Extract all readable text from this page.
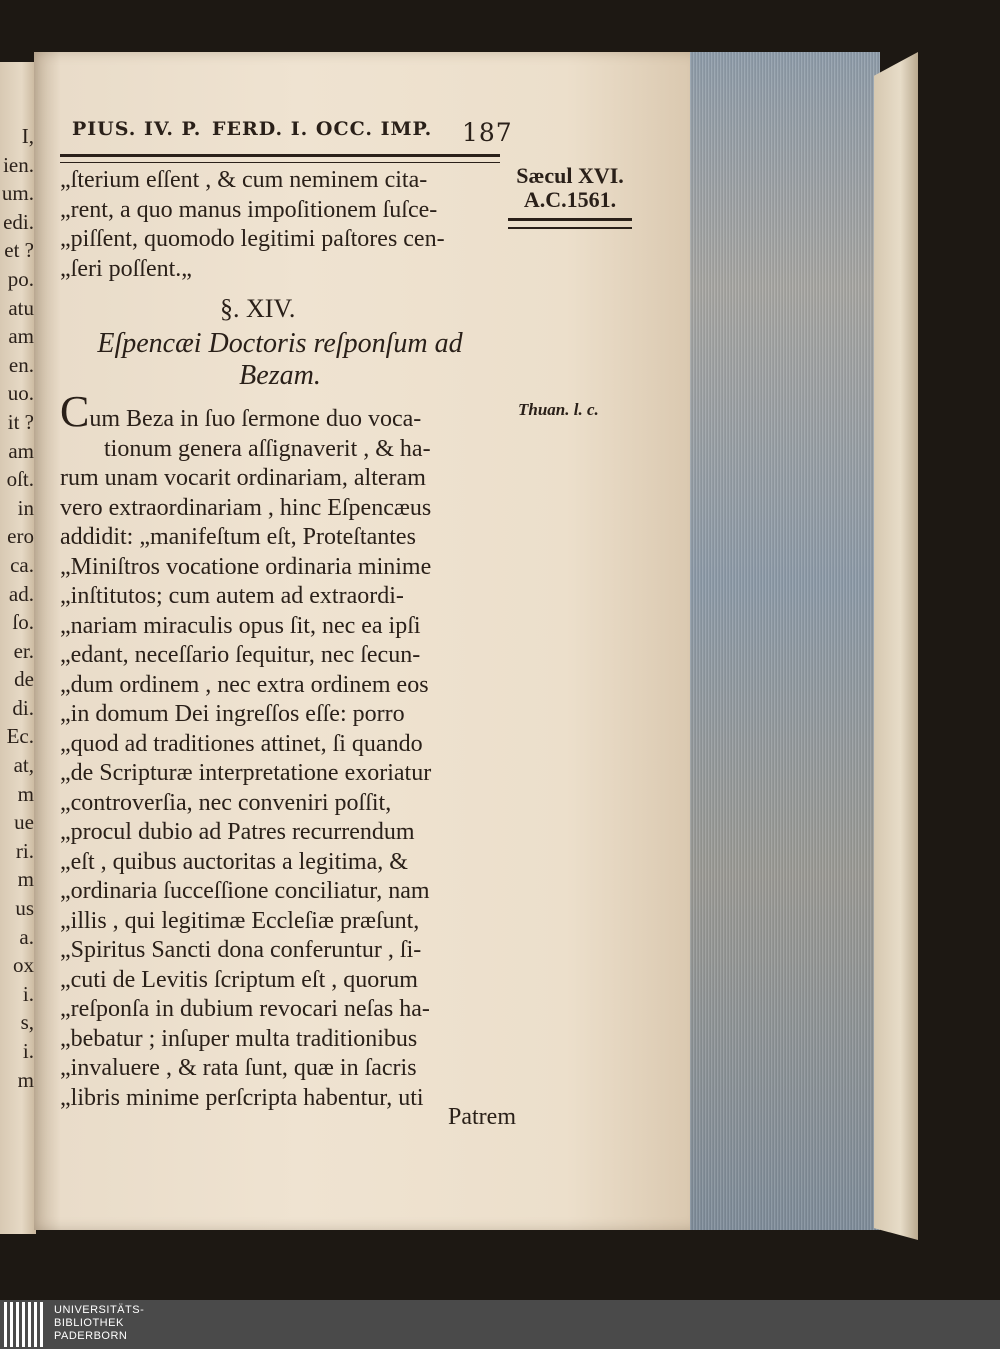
I,
ien.
um.
edi.
et ?
po.
atu
am
en.
uo.
it ?
am
oſt.
in
ero
ca.
ad.
ſo.
er.
de
di.
Ec.
at,
m
ue
ri.
m
us
a.
ox
i.
s,
i.
m
PIUS. IV. P. FERD. I. OCC. IMP. 187
„ſterium eſſent , & cum neminem cita-
„rent, a quo manus impoſitionem ſuſce-
„piſſent, quomodo legitimi paſtores cen-
„ſeri poſſent.„
§. XIV.
Eſpencæi Doctoris reſponſum ad
Bezam.
Cum Beza in ſuo ſermone duo voca-
tionum genera aſſignaverit , & ha-
rum unam vocarit ordinariam, alteram
vero extraordinariam , hinc Eſpencæus
addidit: „manifeſtum eſt, Proteſtantes
„Miniſtros vocatione ordinaria minime
„inſtitutos; cum autem ad extraordi-
„nariam miraculis opus ſit, nec ea ipſi
„edant, neceſſario ſequitur, nec ſecun-
„dum ordinem , nec extra ordinem eos
„in domum Dei ingreſſos eſſe: porro
„quod ad traditiones attinet, ſi quando
„de Scripturæ interpretatione exoriatur
„controverſia, nec conveniri poſſit,
„procul dubio ad Patres recurrendum
„eſt , quibus auctoritas a legitima, &
„ordinaria ſucceſſione conciliatur, nam
„illis , qui legitimæ Eccleſiæ præſunt,
„Spiritus Sancti dona conferuntur , ſi-
„cuti de Levitis ſcriptum eſt , quorum
„reſponſa in dubium revocari neſas ha-
„bebatur ; inſuper multa traditionibus
„invaluere , & rata ſunt, quæ in ſacris
„libris minime perſcripta habentur, uti
Patrem
Sæcul XVI.
A.C.1561.
Thuan. l. c.
UNIVERSITÄTS-
BIBLIOTHEK
PADERBORN
